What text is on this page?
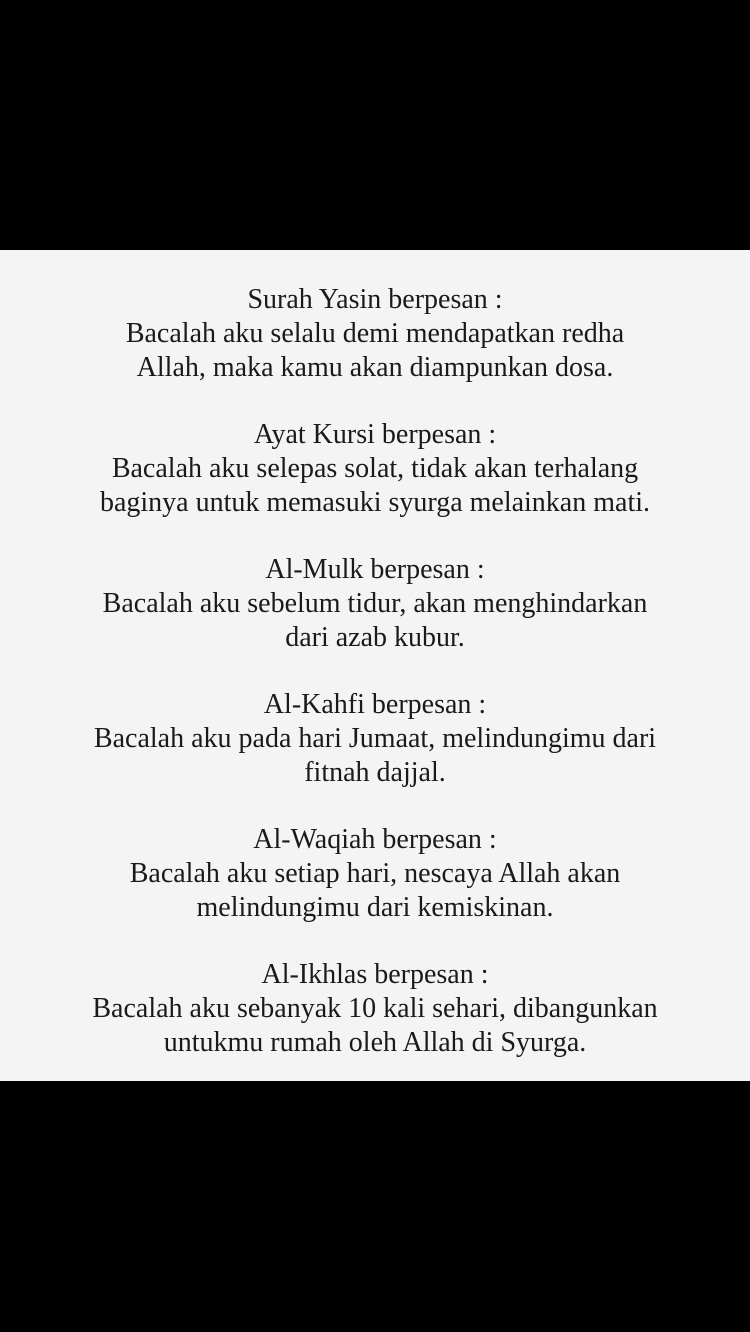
Surah Yasin berpesan :
Bacalah aku selalu demi mendapatkan redha
Allah, maka kamu akan diampunkan dosa.
Ayat Kursi berpesan :
Bacalah aku selepas solat, tidak akan terhalang
baginya untuk memasuki syurga melainkan mati.
Al-Mulk berpesan :
Bacalah aku sebelum tidur, akan menghindarkan
dari azab kubur.
Al-Kahfi berpesan :
Bacalah aku pada hari Jumaat, melindungimu dari
fitnah dajjal.
Al-Waqiah berpesan :
Bacalah aku setiap hari, nescaya Allah akan
melindungimu dari kemiskinan.
Al-Ikhlas berpesan :
Bacalah aku sebanyak 10 kali sehari, dibangunkan
untukmu rumah oleh Allah di Syurga.
